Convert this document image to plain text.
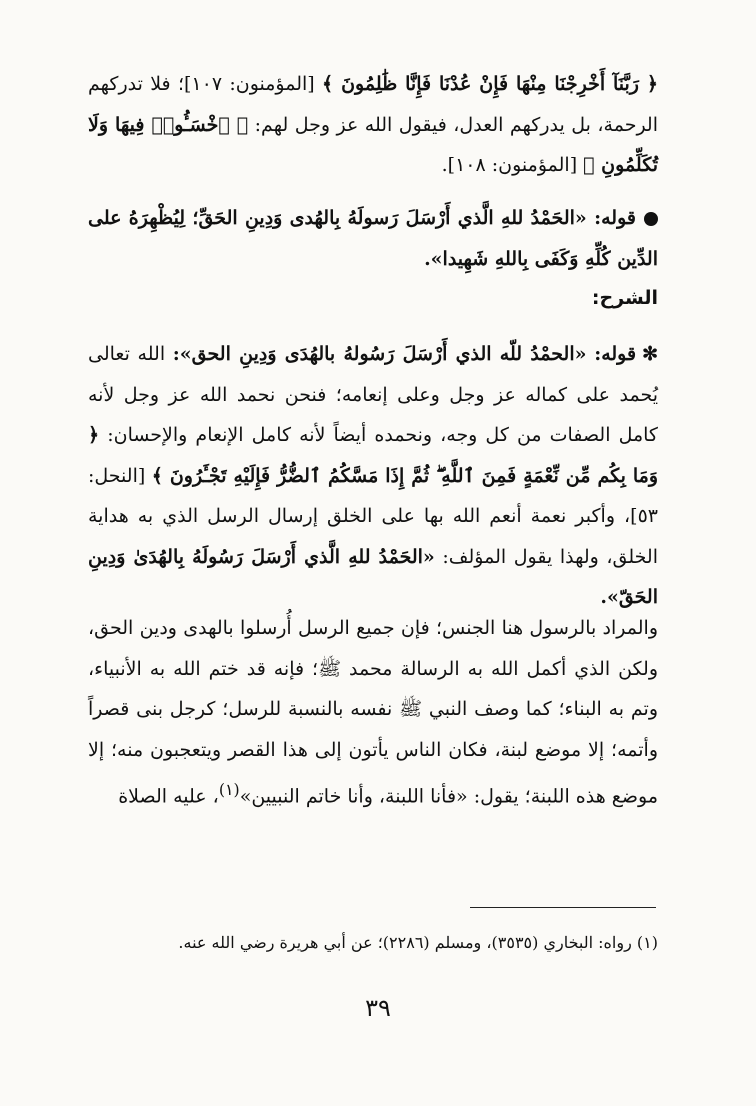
﴿ رَبَّنَآ أَخْرِجْنَا مِنْهَا فَإِنْ عُدْنَا فَإِنَّا ظَٰلِمُونَ ﴾ [المؤمنون: ١٠٧]؛ فلا تدركهم الرحمة، بل يدركهم العدل، فيقول الله عز وجل لهم: ﴿ ٱخْسَـُٔوا۟ فِيهَا وَلَا تُكَلِّمُونِ ﴾ [المؤمنون: ١٠٨].

قوله: «الحَمْدُ للهِ الَّذي أَرْسَلَ رَسولَهُ بِالهُدى وَدِينِ الحَقِّ؛ لِيُظْهِرَهُ على الدِّين كُلِّهِ وَكَفَى بِاللهِ شَهِيدا».

الشرح:

✻قوله: «الحمْدُ للّه الذي أَرْسَلَ رَسُولهُ بالهُدَى وَدِينِ الحق»: الله تعالى يُحمد على كماله عز وجل وعلى إنعامه؛ فنحن نحمد الله عز وجل لأنه كامل الصفات من كل وجه، ونحمده أيضاً لأنه كامل الإنعام والإحسان: ﴿ وَمَا بِكُم مِّن نِّعْمَةٍ فَمِنَ ٱللَّهِ ۖ ثُمَّ إِذَا مَسَّكُمُ ٱلضُّرُّ فَإِلَيْهِ تَجْـَٔرُونَ ﴾ [النحل: ٥٣]، وأكبر نعمة أنعم الله بها على الخلق إرسال الرسل الذي به هداية الخلق، ولهذا يقول المؤلف: «الحَمْدُ للهِ الَّذي أَرْسَلَ رَسُولَهُ بِالهُدَىٰ وَدِينِ الحَقّ».

والمراد بالرسول هنا الجنس؛ فإن جميع الرسل أُرسلوا بالهدى ودين الحق، ولكن الذي أكمل الله به الرسالة محمد ﷺ؛ فإنه قد ختم الله به الأنبياء، وتم به البناء؛ كما وصف النبي ﷺ نفسه بالنسبة للرسل؛ كرجل بنى قصراً وأتمه؛ إلا موضع لبنة، فكان الناس يأتون إلى هذا القصر ويتعجبون منه؛ إلا موضع هذه اللبنة؛ يقول: «فأنا اللبنة، وأنا خاتم النبيين»$^{(١)}$، عليه الصلاة

(١) رواه: البخاري (٣٥٣٥)، ومسلم (٢٢٨٦)؛ عن أبي هريرة رضي الله عنه.
٣٩
